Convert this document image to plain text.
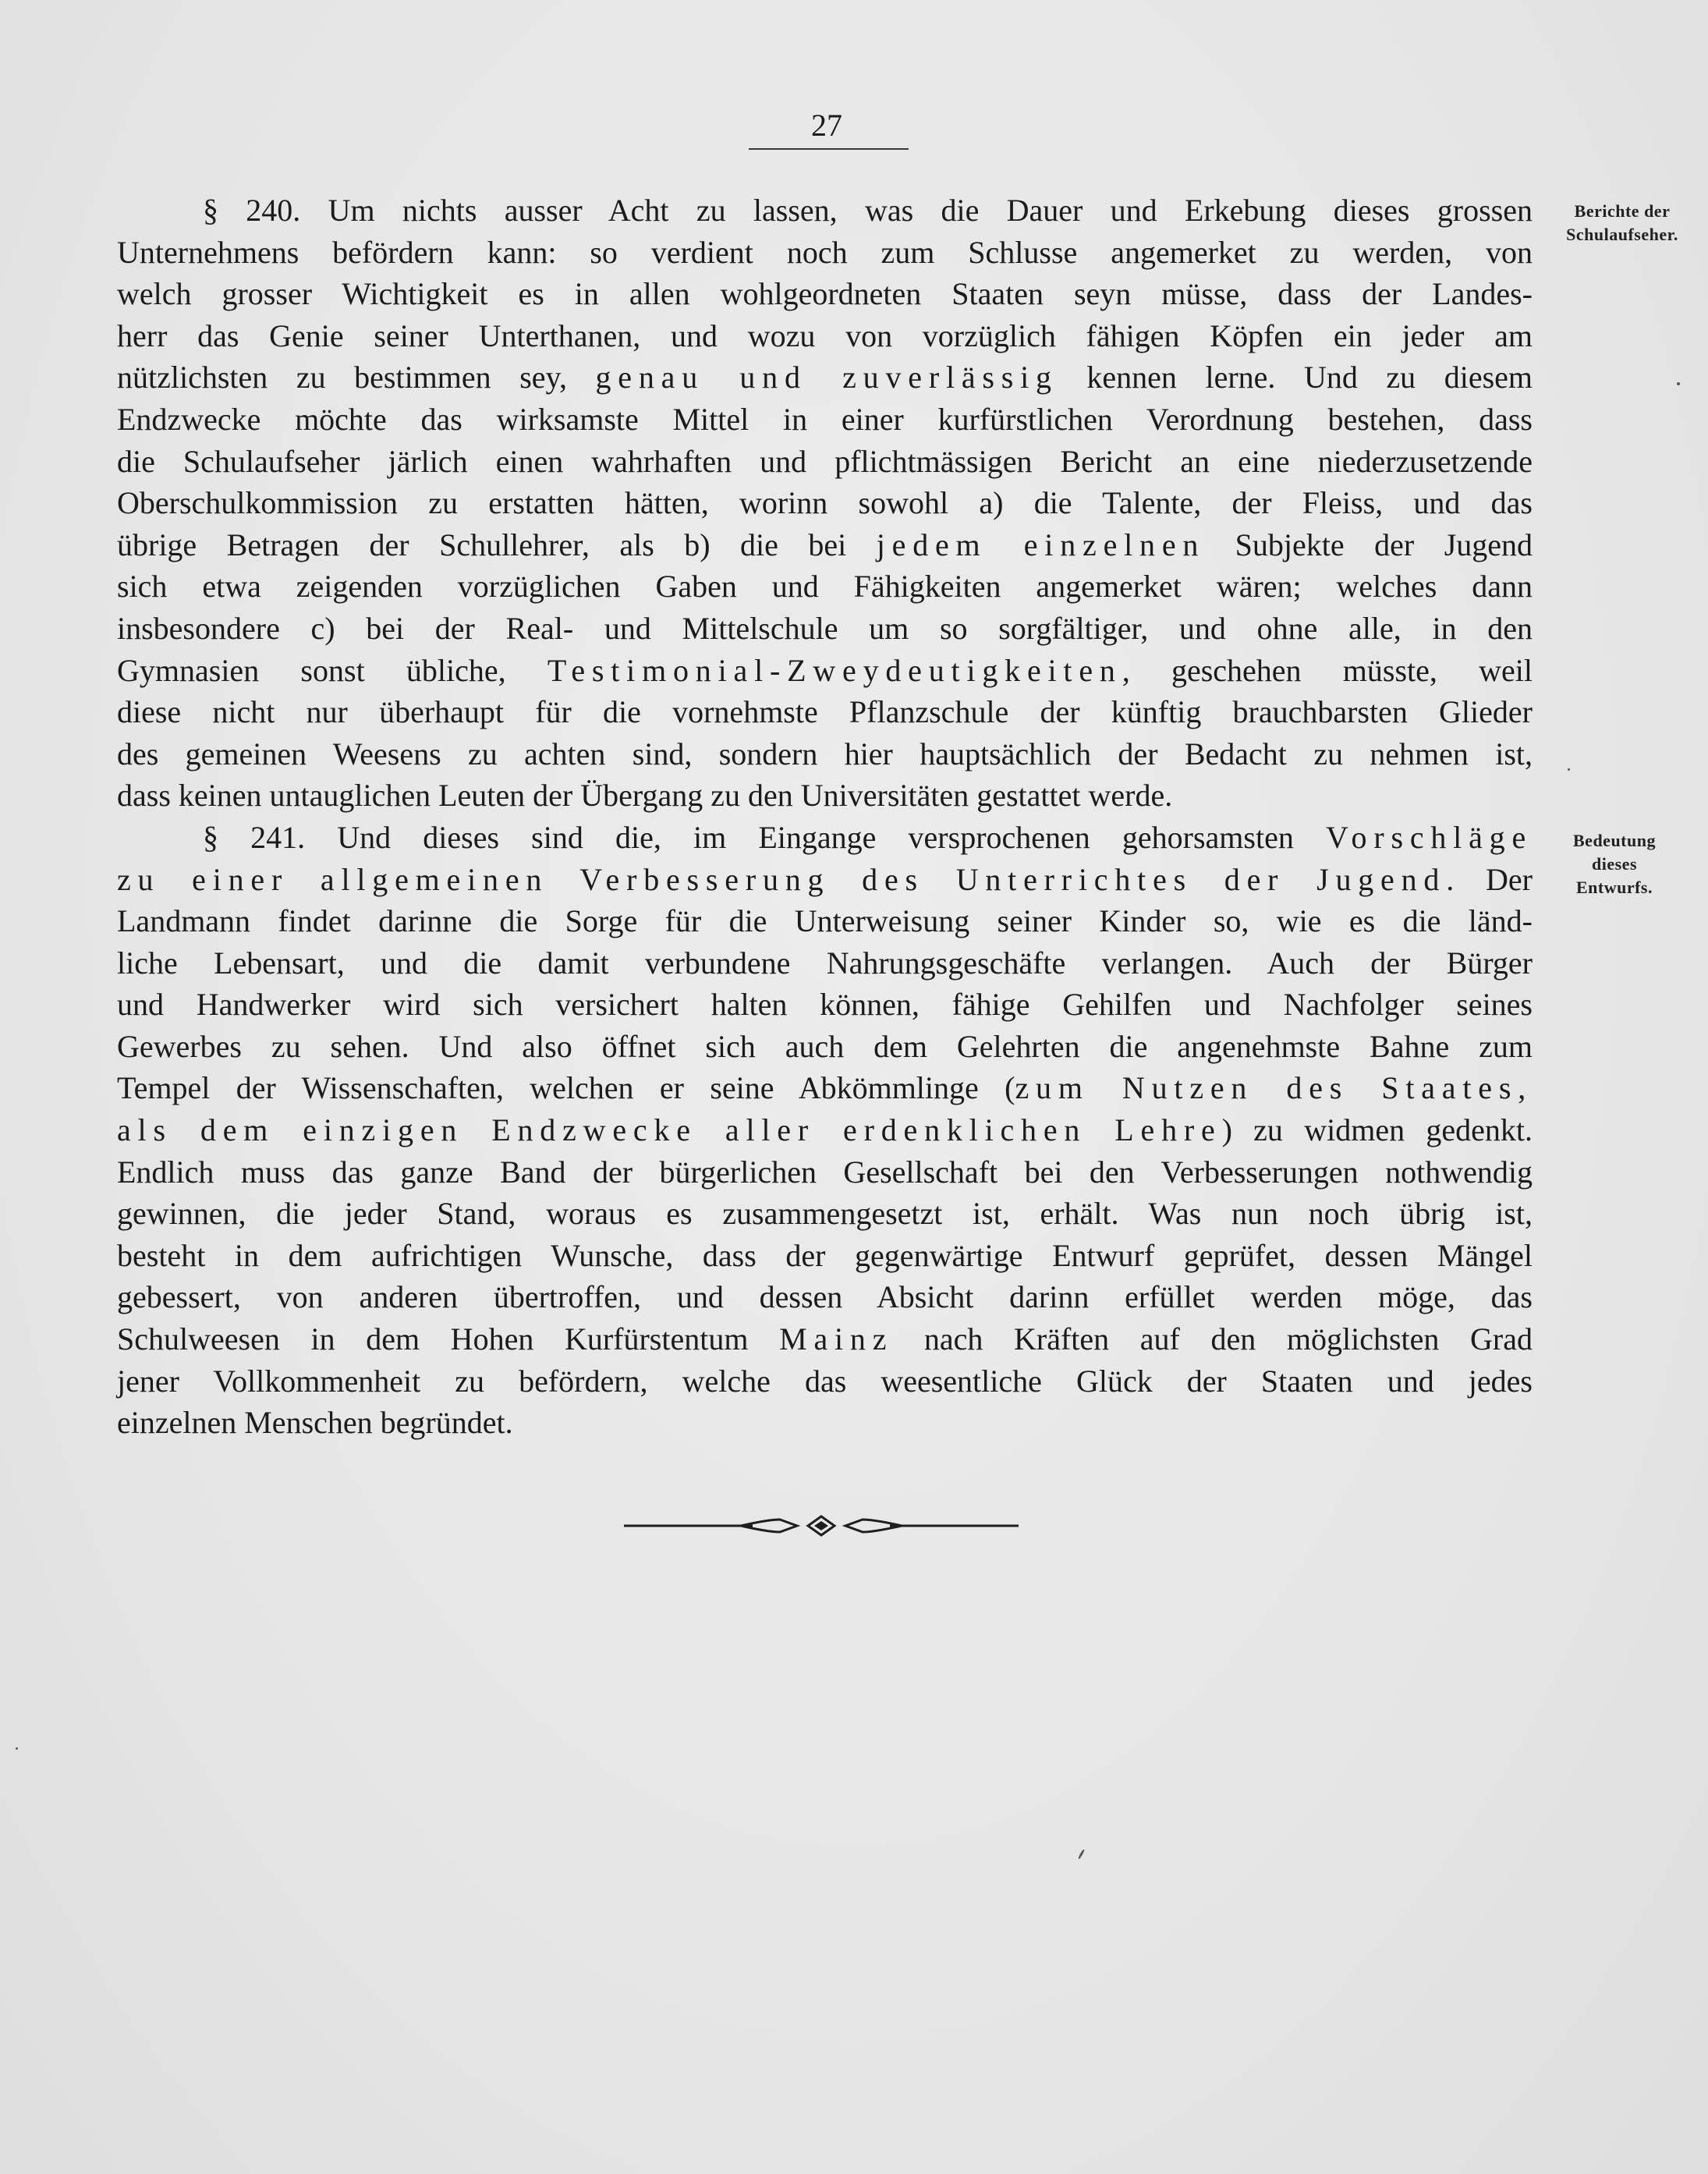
27
Berichte der
Schulaufseher.
Bedeutung
dieses
Entwurfs.
§ 240. Um nichts ausser Acht zu lassen, was die Dauer und Erkebung dieses grossen
Unternehmens befördern kann: so verdient noch zum Schlusse angemerket zu werden, von
welch grosser Wichtigkeit es in allen wohlgeordneten Staaten seyn müsse, dass der Landes-
herr das Genie seiner Unterthanen, und wozu von vorzüglich fähigen Köpfen ein jeder am
nützlichsten zu bestimmen sey, genau und zuverlässig kennen lerne. Und zu diesem
Endzwecke möchte das wirksamste Mittel in einer kurfürstlichen Verordnung bestehen, dass
die Schulaufseher järlich einen wahrhaften und pflichtmässigen Bericht an eine niederzusetzende
Oberschulkommission zu erstatten hätten, worinn sowohl a) die Talente, der Fleiss, und das
übrige Betragen der Schullehrer, als b) die bei jedem einzelnen Subjekte der Jugend
sich etwa zeigenden vorzüglichen Gaben und Fähigkeiten angemerket wären; welches dann
insbesondere c) bei der Real- und Mittelschule um so sorgfältiger, und ohne alle, in den
Gymnasien sonst übliche, Testimonial-Zweydeutigkeiten, geschehen müsste, weil
diese nicht nur überhaupt für die vornehmste Pflanzschule der künftig brauchbarsten Glieder
des gemeinen Weesens zu achten sind, sondern hier hauptsächlich der Bedacht zu nehmen ist,
dass keinen untauglichen Leuten der Übergang zu den Universitäten gestattet werde.
§ 241. Und dieses sind die, im Eingange versprochenen gehorsamsten Vorschläge
zu einer allgemeinen Verbesserung des Unterrichtes der Jugend. Der
Landmann findet darinne die Sorge für die Unterweisung seiner Kinder so, wie es die länd-
liche Lebensart, und die damit verbundene Nahrungsgeschäfte verlangen. Auch der Bürger
und Handwerker wird sich versichert halten können, fähige Gehilfen und Nachfolger seines
Gewerbes zu sehen. Und also öffnet sich auch dem Gelehrten die angenehmste Bahne zum
Tempel der Wissenschaften, welchen er seine Abkömmlinge (zum Nutzen des Staates,
als dem einzigen Endzwecke aller erdenklichen Lehre) zu widmen gedenkt.
Endlich muss das ganze Band der bürgerlichen Gesellschaft bei den Verbesserungen nothwendig
gewinnen, die jeder Stand, woraus es zusammengesetzt ist, erhält. Was nun noch übrig ist,
besteht in dem aufrichtigen Wunsche, dass der gegenwärtige Entwurf geprüfet, dessen Mängel
gebessert, von anderen übertroffen, und dessen Absicht darinn erfüllet werden möge, das
Schulweesen in dem Hohen Kurfürstentum Mainz nach Kräften auf den möglichsten Grad
jener Vollkommenheit zu befördern, welche das weesentliche Glück der Staaten und jedes
einzelnen Menschen begründet.
